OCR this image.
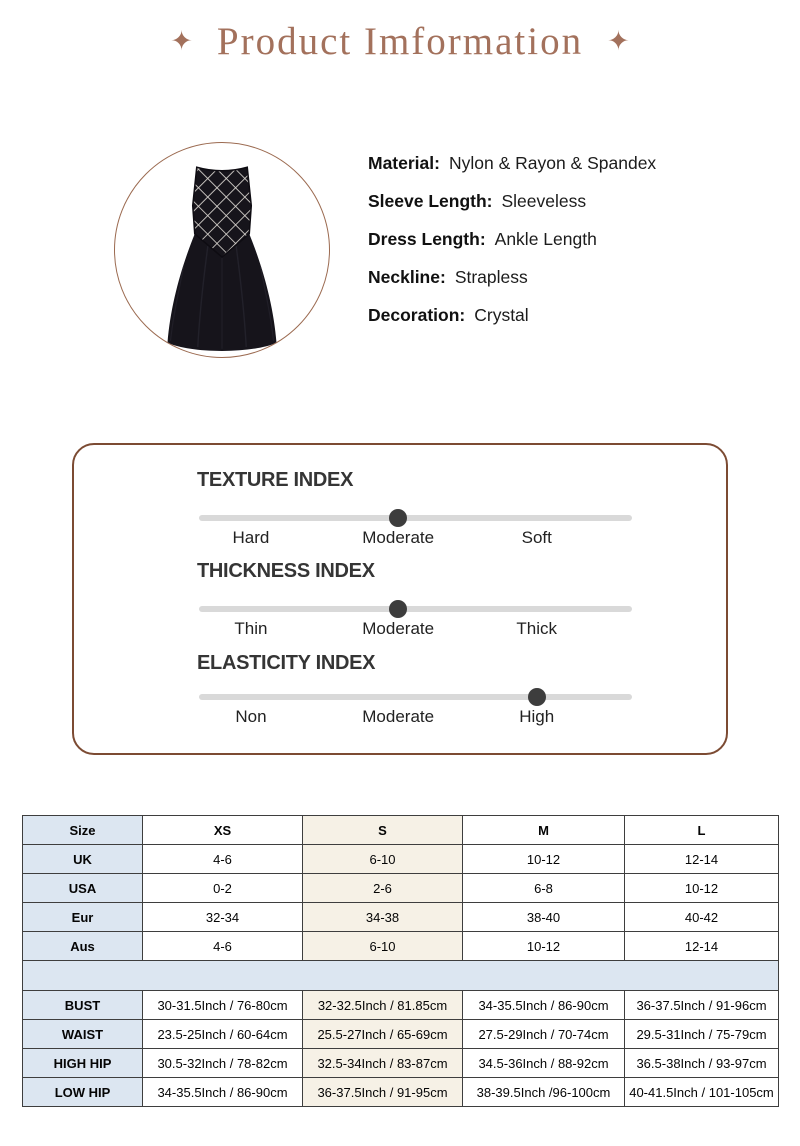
✦ Product Imformation ✦
Material: Nylon & Rayon & Spandex
Sleeve Length: Sleeveless
Dress Length: Ankle Length
Neckline: Strapless
Decoration: Crystal
TEXTURE INDEX
Hard	Moderate	Soft
THICKNESS INDEX
Thin	Moderate	Thick
ELASTICITY INDEX
Non	Moderate	High
Size	XS	S	M	L
UK	4-6	6-10	10-12	12-14
USA	0-2	2-6	6-8	10-12
Eur	32-34	34-38	38-40	40-42
Aus	4-6	6-10	10-12	12-14

BUST	30-31.5Inch / 76-80cm	32-32.5Inch / 81.85cm	34-35.5Inch / 86-90cm	36-37.5Inch / 91-96cm
WAIST	23.5-25Inch / 60-64cm	25.5-27Inch / 65-69cm	27.5-29Inch / 70-74cm	29.5-31Inch / 75-79cm
HIGH HIP	30.5-32Inch / 78-82cm	32.5-34Inch / 83-87cm	34.5-36Inch / 88-92cm	36.5-38Inch / 93-97cm
LOW HIP	34-35.5Inch / 86-90cm	36-37.5Inch / 91-95cm	38-39.5Inch /96-100cm	40-41.5Inch / 101-105cm
